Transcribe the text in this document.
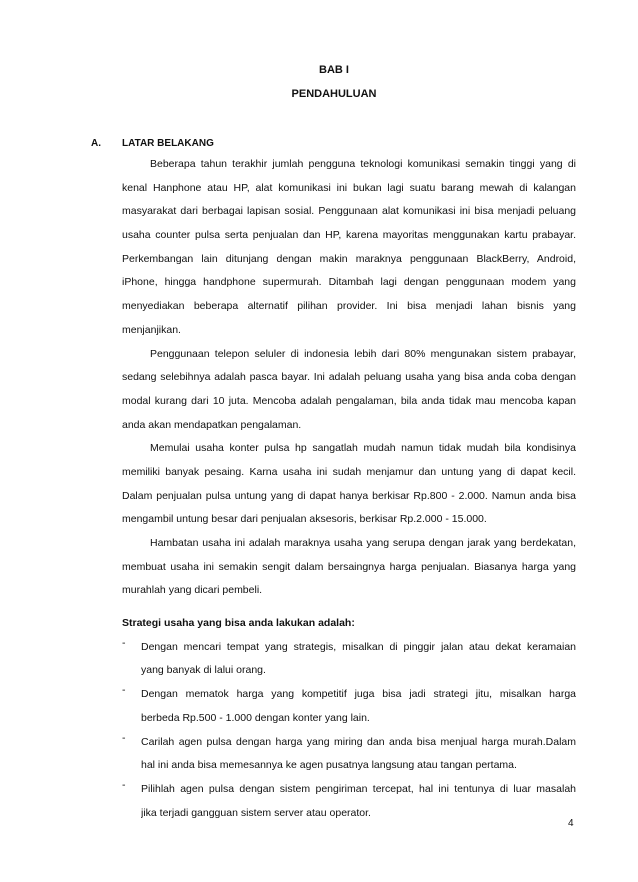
BAB I
PENDAHULUAN
A. LATAR BELAKANG
Beberapa tahun terakhir jumlah pengguna teknologi komunikasi semakin tinggi yang di
kenal Hanphone atau HP, alat komunikasi ini bukan lagi suatu barang mewah di kalangan
masyarakat dari berbagai lapisan sosial. Penggunaan alat komunikasi ini bisa menjadi peluang
usaha counter pulsa serta penjualan dan HP, karena mayoritas menggunakan kartu prabayar.
Perkembangan lain ditunjang dengan makin maraknya penggunaan BlackBerry, Android,
iPhone, hingga handphone supermurah. Ditambah lagi dengan penggunaan modem yang
menyediakan beberapa alternatif pilihan provider. Ini bisa menjadi lahan bisnis yang
menjanjikan.
Penggunaan telepon seluler di indonesia lebih dari 80% mengunakan sistem prabayar,
sedang selebihnya adalah pasca bayar. Ini adalah peluang usaha yang bisa anda coba dengan
modal kurang dari 10 juta. Mencoba adalah pengalaman, bila anda tidak mau mencoba kapan
anda akan mendapatkan pengalaman.
Memulai usaha konter pulsa hp sangatlah mudah namun tidak mudah bila kondisinya
memiliki banyak pesaing. Karna usaha ini sudah menjamur dan untung yang di dapat kecil.
Dalam penjualan pulsa untung yang di dapat hanya berkisar Rp.800 - 2.000. Namun anda bisa
mengambil untung besar dari penjualan aksesoris, berkisar Rp.2.000 - 15.000.
Hambatan usaha ini adalah maraknya usaha yang serupa dengan jarak yang berdekatan,
membuat usaha ini semakin sengit dalam bersaingnya harga penjualan. Biasanya harga yang
murahlah yang dicari pembeli.
Strategi usaha yang bisa anda lakukan adalah:
- Dengan mencari tempat yang strategis, misalkan di pinggir jalan atau dekat keramaian
yang banyak di lalui orang.
- Dengan mematok harga yang kompetitif juga bisa jadi strategi jitu, misalkan harga
berbeda Rp.500 - 1.000 dengan konter yang lain.
- Carilah agen pulsa dengan harga yang miring dan anda bisa menjual harga murah.Dalam
hal ini anda bisa memesannya ke agen pusatnya langsung atau tangan pertama.
- Pilihlah agen pulsa dengan sistem pengiriman tercepat, hal ini tentunya di luar masalah
jika terjadi gangguan sistem server atau operator.
4
